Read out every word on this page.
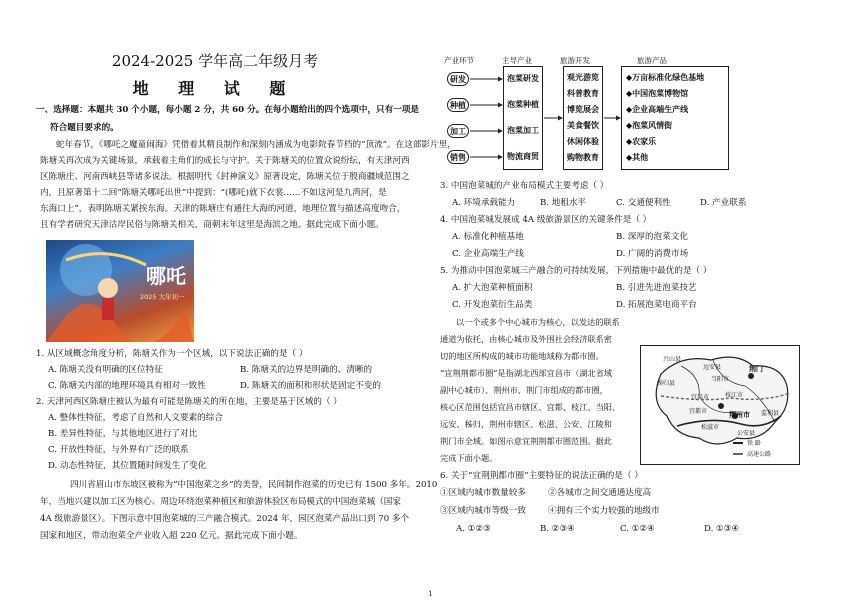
2024-2025 学年高二年级月考
地 理 试 题
一、选择题：本题共 30 个小题，每小题 2 分，共 60 分。在每小题给出的四个选项中，只有一项是
符合题目要求的。
蛇年春节，《哪吒之魔童闹海》凭借着其精良制作和深刻内涵成为电影院春节档的“顶流”。在这部影片里，
陈塘关再次成为关键场景，承载着主角们的成长与守护。关于陈塘关的位置众说纷纭，有天津河西
区陈塘庄、河南西峡县等诸多说法。根据明代《封神演义》原著设定，陈塘关位于殷商疆域范围之
内，且原著第十二回“陈塘关哪吒出世”中提到：“(哪吒)就下衣裳……不如这河是九湾河，是
东海口上”，表明陈塘关紧挨东海。天津的陈塘庄有通往大海的河道，地理位置与描述高度吻合，
且有学者研究天津沽岸民俗与陈塘关相关，商朝末年这里是海滨之地。据此完成下面小题。
哪吒
2025 大年初一
1. 从区域概念角度分析，陈塘关作为一个区域，以下说法正确的是（ ）
A. 陈塘关没有明确的区位特征	B. 陈塘关的边界是明确的、清晰的
C. 陈塘关内部的地理环境具有相对一致性	D. 陈塘关的面积和形状是固定不变的
2. 天津河西区陈塘庄被认为最有可能是陈塘关的所在地，主要是基于区域的（ ）
A. 整体性特征，考虑了自然和人文要素的综合
B. 差异性特征，与其他地区进行了对比
C. 开放性特征，与外界有广泛的联系
D. 动态性特征，其位置随时间发生了变化
四川省眉山市东坡区被称为“中国泡菜之乡”的美誉，民间制作泡菜的历史已有 1500 多年。2010
年，当地兴建以加工区为核心、周边环绕泡菜种植区和旅游体验区布局模式的中国泡菜城（国家
4A 级旅游景区）。下图示意中国泡菜城的三产融合模式。2024 年，园区泡菜产品出口到 70 多个
国家和地区，带动泡菜全产业收入超 220 亿元。据此完成下面小题。
产业环节	主导产业	旅游开发	旅游产品
研发
种植
加工
销售
泡菜研发
泡菜种植
泡菜加工
物流商贸
观光游览
科普教育
博览展会
美食餐饮
休闲体验
购物教育
◆万亩标准化绿色基地
◆中国泡菜博物馆
◆企业高端生产线
◆泡菜风情街
◆农家乐
◆其他
3. 中国泡菜城的产业布局模式主要考虑（ ）
A. 环境承载能力	B. 地租水平	C. 交通便利性	D. 产业联系
4. 中国泡菜城发展成 4A 级旅游景区的关键条件是（ ）
A. 标准化种植基地	B. 深厚的泡菜文化
C. 企业高端生产线	D. 广阔的消费市场
5. 为推动中国泡菜城三产融合的可持续发展，下列措施中最优的是（ ）
A. 扩大泡菜种植面积	B. 引进先进泡菜技艺
C. 开发泡菜衍生品类	D. 拓展泡菜电商平台
以一个或多个中心城市为核心，以发达的联系
通道为依托，由核心城市及外围社会经济联系密
切的地区所构成的城市功能地域称为都市圈。
“宜荆荆都市圈”是指湖北西部宜昌市（湖北省域
副中心城市）、荆州市、荆门市组成的都市圈，
核心区范围包括宜昌市辖区、宜都、枝江、当阳、
远安、秭归，荆州市辖区、松滋、公安、江陵和
荆门市全域。如图示意宜荆荆都市圈范围。据此
完成下面小题。
兴山县
远安县
秭归县
当阳市
宜昌市	枝江市
荆门
荆州市
宜都市
松滋市
公安县
监利县
铁 路
高速公路
6. 关于“宜荆荆都市圈”主要特征的说法正确的是（ ）
①区域内城市数量较多	②各城市之间交通通达度高
③区域内城市等级一致	④拥有三个实力较强的地级市
A. ①②③	B. ②③④	C. ①②④	D. ①③④
1
